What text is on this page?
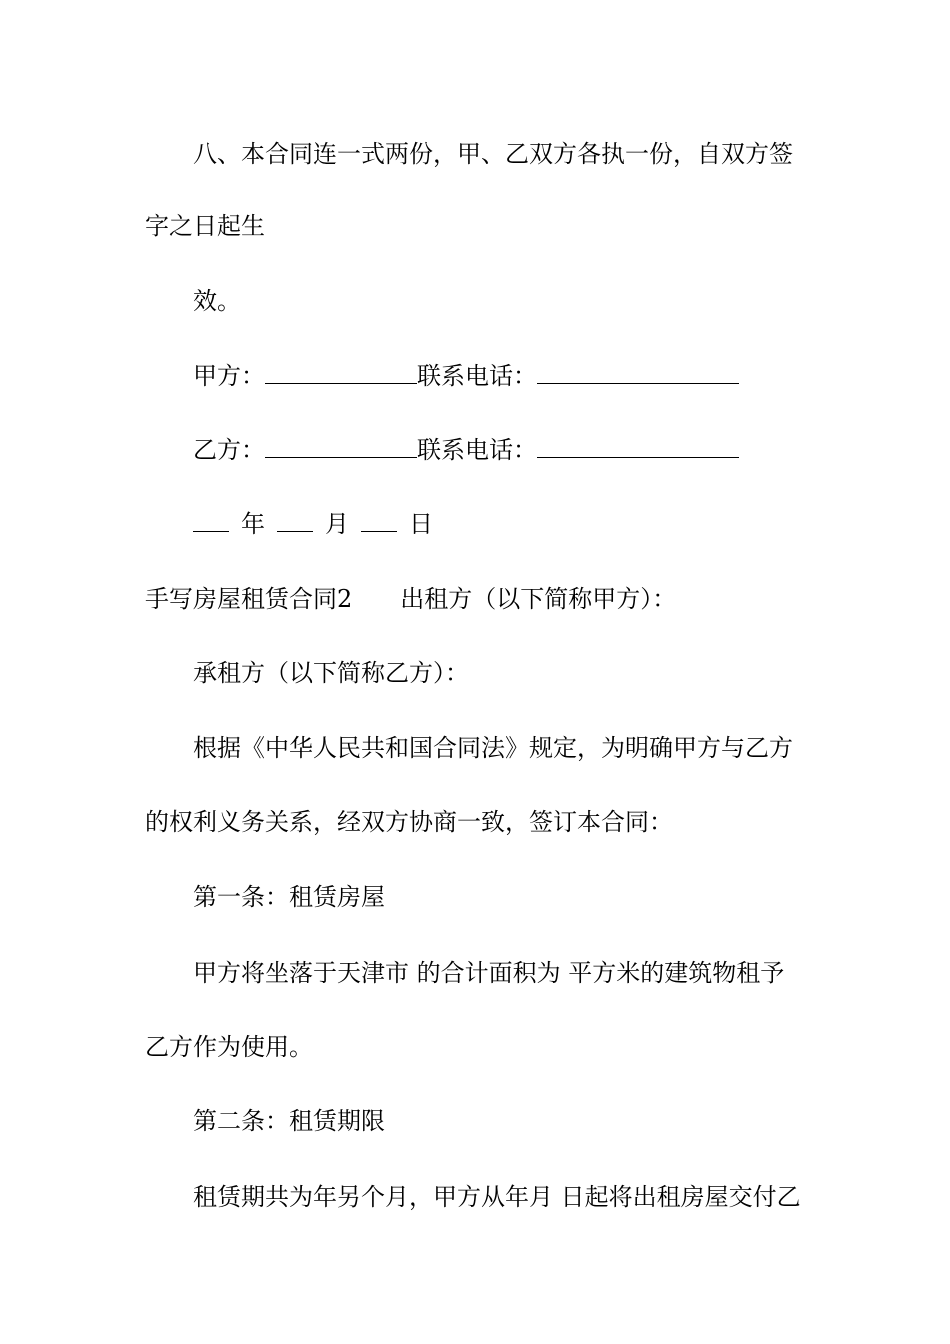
八、本合同连一式两份，甲、乙双方各执一份，自双方签
字之日起生
效。
甲方：	联系电话：
乙方：	联系电话：
年	月	日
手写房屋租赁合同2 出租方（以下简称甲方）：
承租方（以下简称乙方）：
根据《中华人民共和国合同法》规定，为明确甲方与乙方
的权利义务关系，经双方协商一致，签订本合同：
第一条：租赁房屋
甲方将坐落于天津市 的合计面积为 平方米的建筑物租予
乙方作为使用。
第二条：租赁期限
租赁期共为年另个月，甲方从年月 日起将出租房屋交付乙
